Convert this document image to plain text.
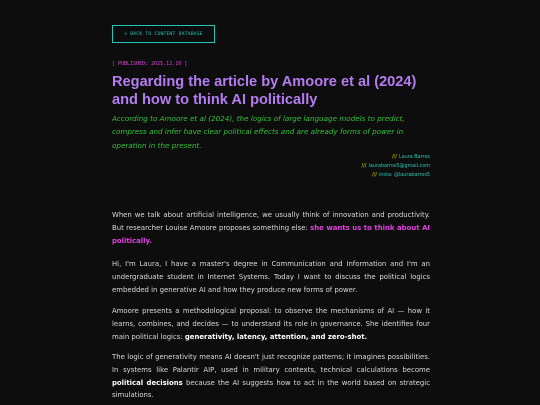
< BACK TO CONTENT DATABASE
[ PUBLISHED: 2025.12.10 ]
Regarding the article by Amoore et al (2024) and how to think AI politically

According to Amoore et al (2024), the logics of large language models to predict, compress and infer have clear political effects and are already forms of power in operation in the present.

/// Laura Barros
/// laurabarros5@gmail.com
/// insta: @laurabarros5

When we talk about artificial intelligence, we usually think of innovation and productivity. But researcher Louise Amoore proposes something else: she wants us to think about AI politically.

Hi, I'm Laura, I have a master's degree in Communication and Information and I'm an undergraduate student in Internet Systems. Today I want to discuss the political logics embedded in generative AI and how they produce new forms of power.

Amoore presents a methodological proposal: to observe the mechanisms of AI — how it learns, combines, and decides — to understand its role in governance. She identifies four main political logics: generativity, latency, attention, and zero-shot.

The logic of generativity means AI doesn't just recognize patterns; it imagines possibilities. In systems like Palantir AIP, used in military contexts, technical calculations become political decisions because the AI suggests how to act in the world based on strategic simulations.
